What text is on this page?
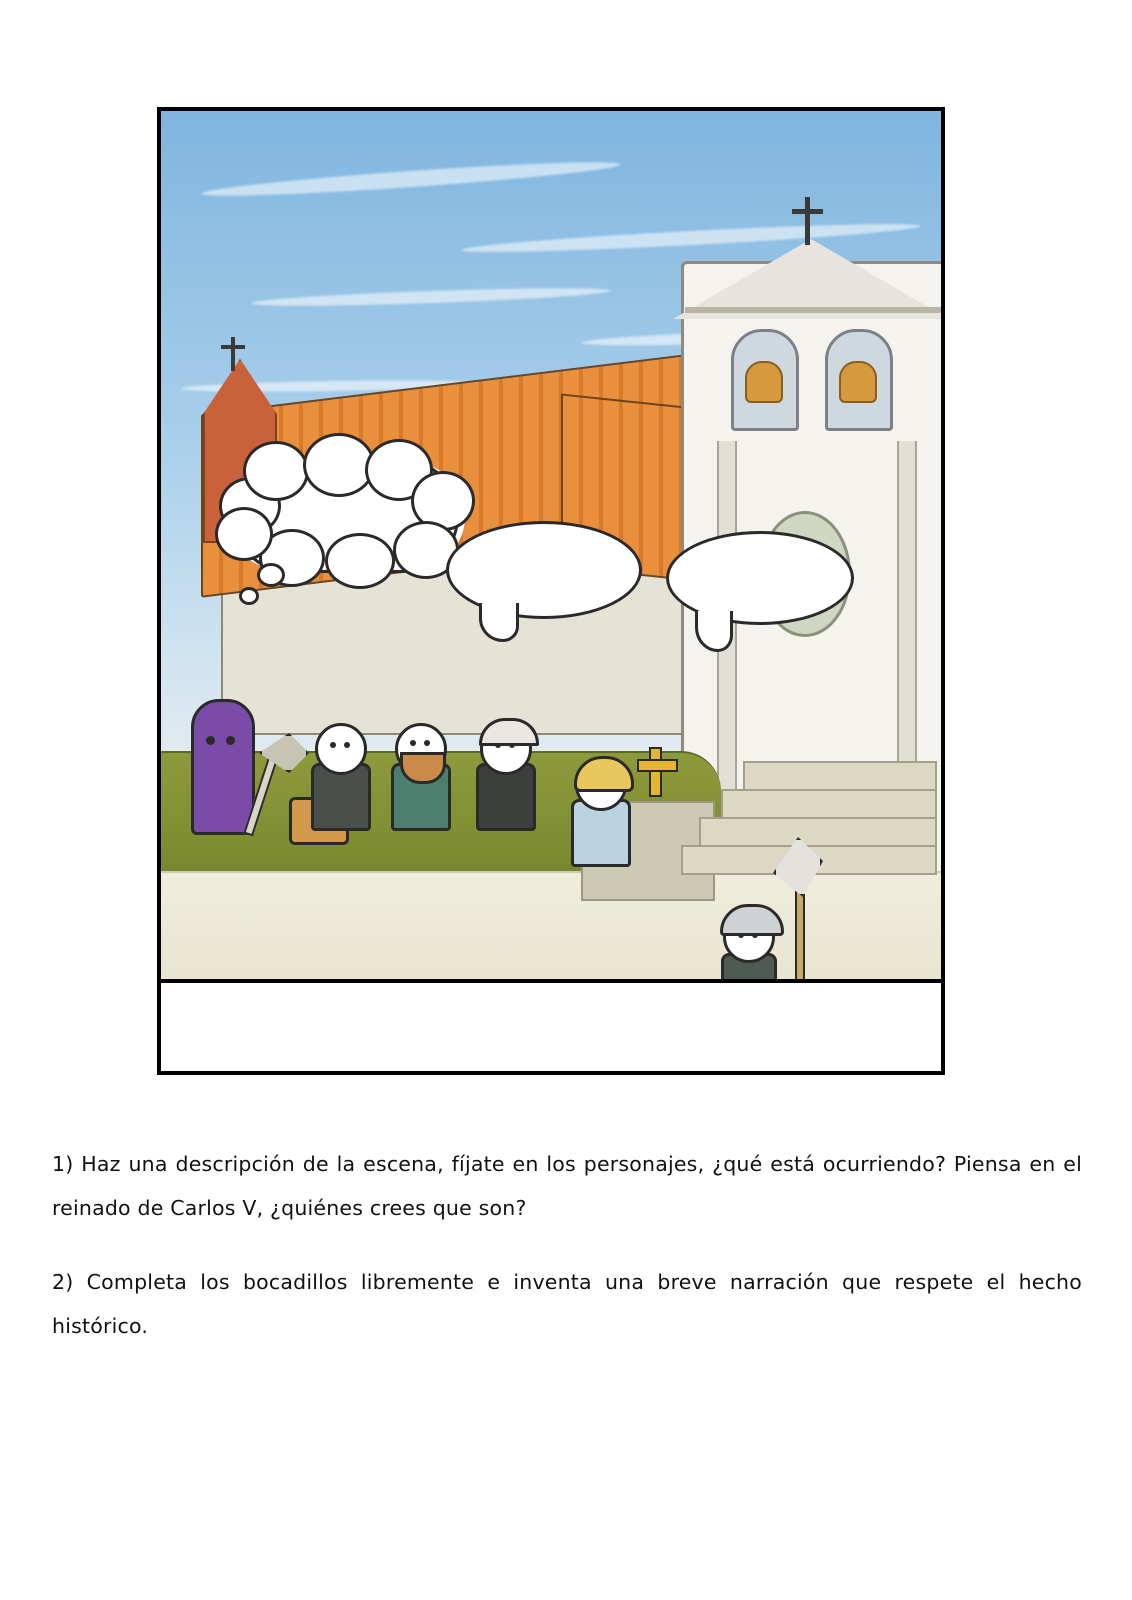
1) Haz una descripción de la escena, fíjate en los personajes, ¿qué está ocurriendo? Piensa en el reinado de Carlos V, ¿quiénes crees que son?

2) Completa los bocadillos libremente e inventa una breve narración que respete el hecho histórico.
